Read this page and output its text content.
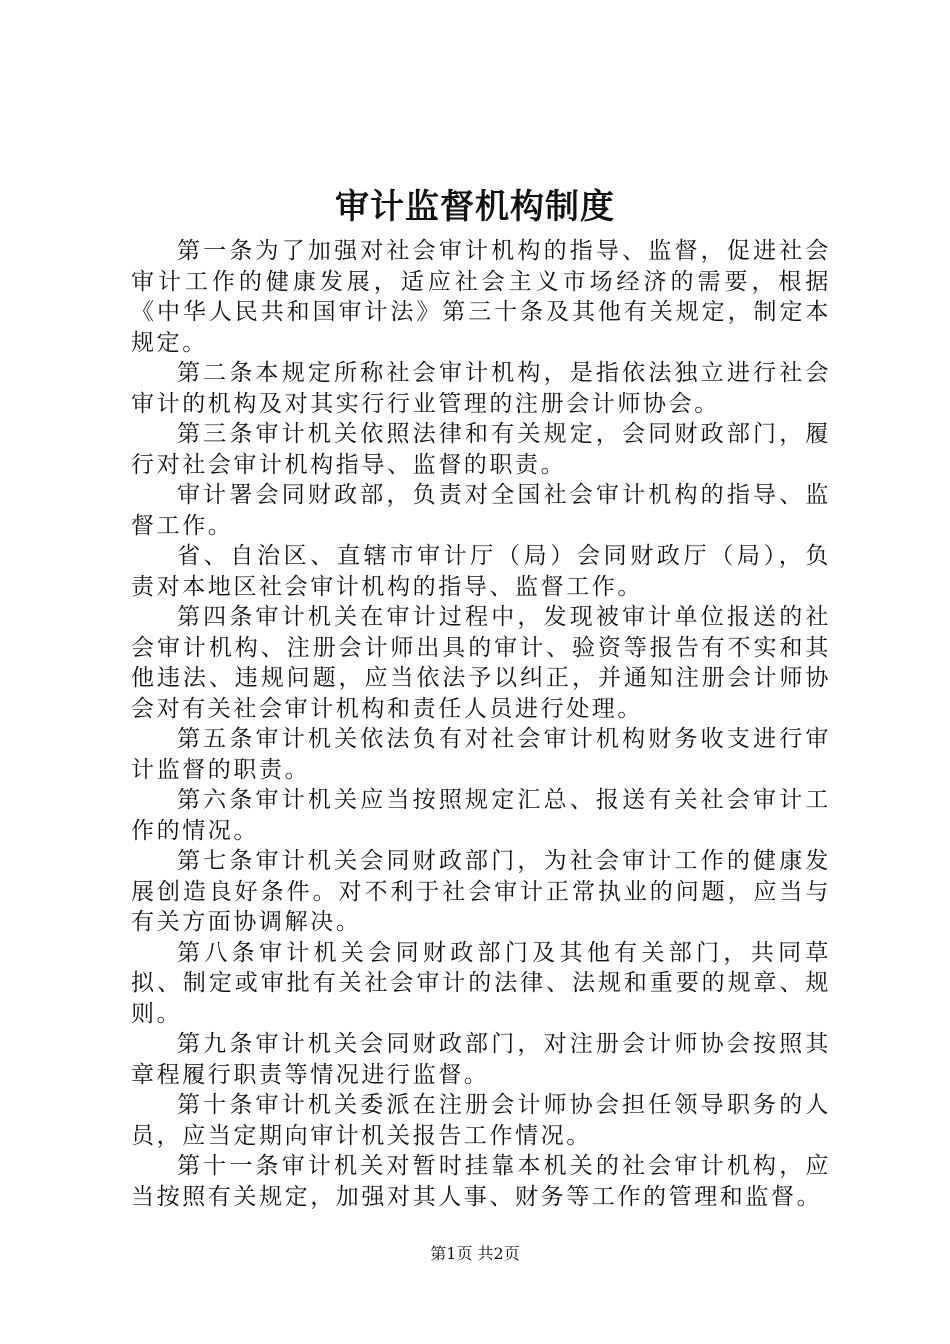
审计监督机构制度

第一条为了加强对社会审计机构的指导、监督，促进社会审计工作的健康发展，适应社会主义市场经济的需要，根据《中华人民共和国审计法》第三十条及其他有关规定，制定本规定。

第二条本规定所称社会审计机构，是指依法独立进行社会审计的机构及对其实行行业管理的注册会计师协会。

第三条审计机关依照法律和有关规定，会同财政部门，履行对社会审计机构指导、监督的职责。

审计署会同财政部，负责对全国社会审计机构的指导、监督工作。

省、自治区、直辖市审计厅（局）会同财政厅（局），负责对本地区社会审计机构的指导、监督工作。

第四条审计机关在审计过程中，发现被审计单位报送的社会审计机构、注册会计师出具的审计、验资等报告有不实和其他违法、违规问题，应当依法予以纠正，并通知注册会计师协会对有关社会审计机构和责任人员进行处理。

第五条审计机关依法负有对社会审计机构财务收支进行审计监督的职责。

第六条审计机关应当按照规定汇总、报送有关社会审计工作的情况。

第七条审计机关会同财政部门，为社会审计工作的健康发展创造良好条件。对不利于社会审计正常执业的问题，应当与有关方面协调解决。

第八条审计机关会同财政部门及其他有关部门，共同草拟、制定或审批有关社会审计的法律、法规和重要的规章、规则。

第九条审计机关会同财政部门，对注册会计师协会按照其章程履行职责等情况进行监督。

第十条审计机关委派在注册会计师协会担任领导职务的人员，应当定期向审计机关报告工作情况。

第十一条审计机关对暂时挂靠本机关的社会审计机构，应当按照有关规定，加强对其人事、财务等工作的管理和监督。

第1页 共2页
